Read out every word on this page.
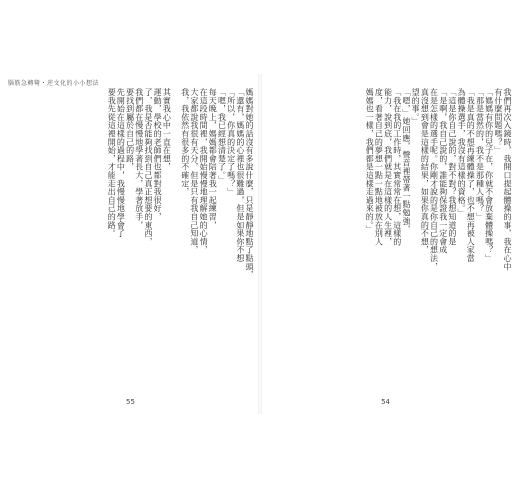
腦筋急轉彎・逆文化的小小想法
媽媽對她的話沒有多說什麼，只是靜靜地點了點頭，
「還有，媽媽的心裡也很難過，但是如果你不想
「所以，你真的決定了嗎？」
「嗯，我已經想清楚了。」
每天晚上，媽媽都會陪著我一起練習，
在這段時間裡，我開始慢慢地理解她的心情，
大家都說我很有天分，但是只有我自己知道，
我，我依然有很多的不確定，
其實我心中一直在想，
運動，學校的老師們也都對我很好，
了，我是否能夠找到自己真正想要的東西，
我們都在慢慢地學著長大，學著放手，
要找到屬於自己的路，
先開始在這樣的過程中，我慢慢地學會了
要我先從這裡開始，才能走出自己的路。
55
我們再次入鏡時，我開口提起體操的事，我在心中
有什麼問題嗎？」
「媽媽有你的兒子在，你就不會放棄體操嗎？」
「那是當然的，我不是那種人嗎？」
「我是真的不想再練體操了，也不想再被人家當
為體操選手，我沒有這樣的資格。」
「這是你自己說的，對不對？我想知道的是
「是啊，我自己說的，誰能夠保證我一定會成
在是怎樣的選手呢。你剛才說的是你自己的想法，
真沒想到會是這樣的結果，如果你真的不想，
望的事。」
「嗯，」她回應，聲音裡帶著一點勉強，
「我在我的工作時，其實常常在想，這樣的
能力，說到底，我們就是在這樣的人生裡，
度，看著自己的夢想一點一點地被放在別人
媽媽也一樣，我們都是這樣走過來的。」
54
